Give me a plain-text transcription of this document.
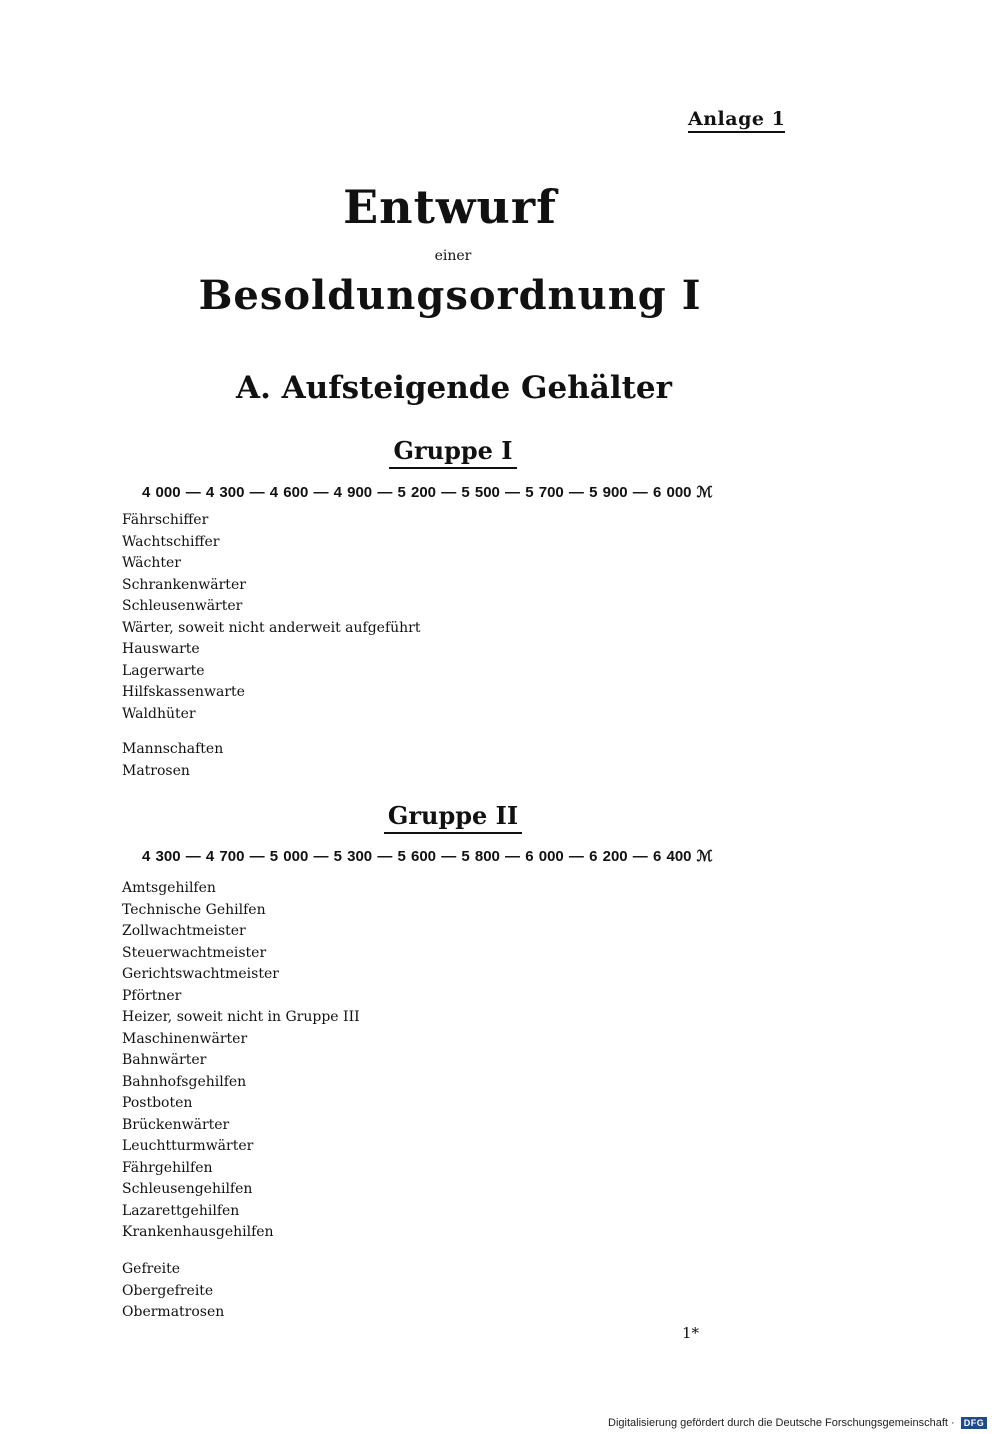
Anlage 1
Entwurf
einer
Besoldungsordnung I
A. Aufsteigende Gehälter
Gruppe I
4 000 — 4 300 — 4 600 — 4 900 — 5 200 — 5 500 — 5 700 — 5 900 — 6 000 ℳ
Fährschiffer
Wachtschiffer
Wächter
Schrankenwärter
Schleusenwärter
Wärter, soweit nicht anderweit aufgeführt
Hauswarte
Lagerwarte
Hilfskassenwarte
Waldhüter
Mannschaften
Matrosen
Gruppe II
4 300 — 4 700 — 5 000 — 5 300 — 5 600 — 5 800 — 6 000 — 6 200 — 6 400 ℳ
Amtsgehilfen
Technische Gehilfen
Zollwachtmeister
Steuerwachtmeister
Gerichtswachtmeister
Pförtner
Heizer, soweit nicht in Gruppe III
Maschinenwärter
Bahnwärter
Bahnhofsgehilfen
Postboten
Brückenwärter
Leuchtturmwärter
Fährgehilfen
Schleusengehilfen
Lazarettgehilfen
Krankenhausgehilfen
Gefreite
Obergefreite
Obermatrosen
1*
Digitalisierung gefördert durch die Deutsche Forschungsgemeinschaft · DFG
